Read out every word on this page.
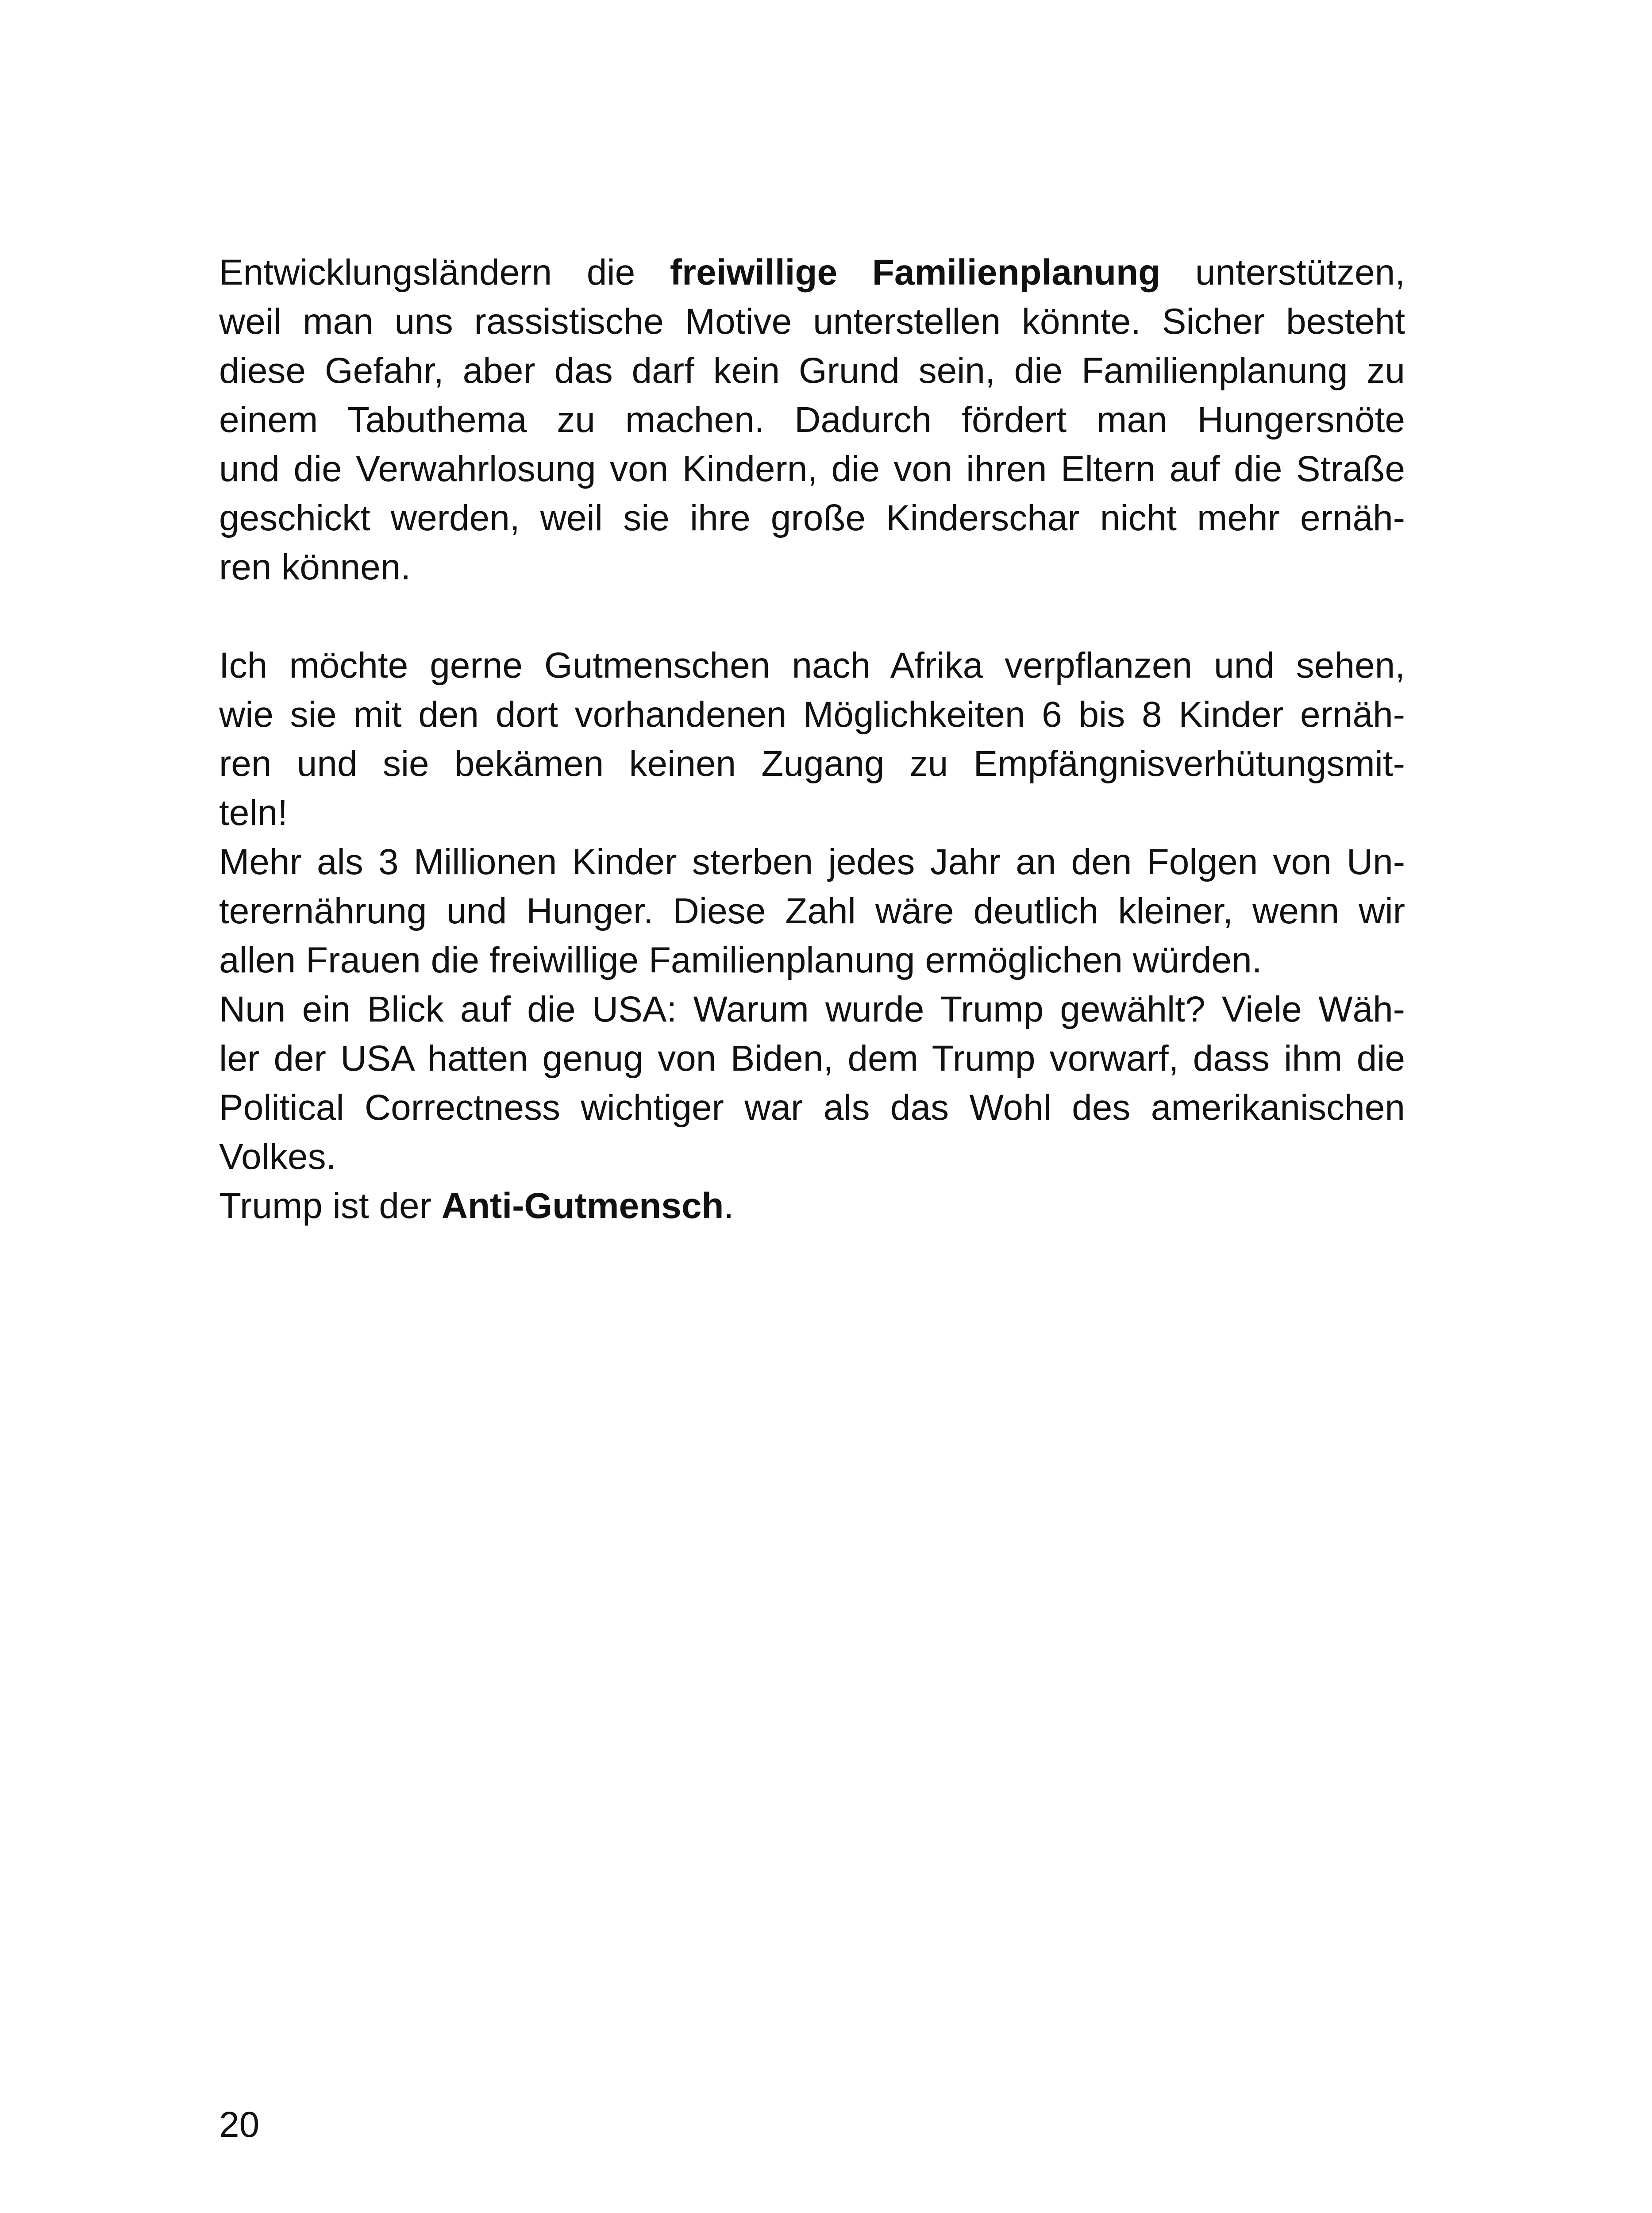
Entwicklungsländern die freiwillige Familienplanung unterstützen,
weil man uns rassistische Motive unterstellen könnte. Sicher besteht
diese Gefahr, aber das darf kein Grund sein, die Familienplanung zu
einem Tabuthema zu machen. Dadurch fördert man Hungersnöte
und die Verwahrlosung von Kindern, die von ihren Eltern auf die Straße
geschickt werden, weil sie ihre große Kinderschar nicht mehr ernäh-
ren können.
Ich möchte gerne Gutmenschen nach Afrika verpflanzen und sehen,
wie sie mit den dort vorhandenen Möglichkeiten 6 bis 8 Kinder ernäh-
ren und sie bekämen keinen Zugang zu Empfängnisverhütungsmit-
teln!
Mehr als 3 Millionen Kinder sterben jedes Jahr an den Folgen von Un-
terernährung und Hunger. Diese Zahl wäre deutlich kleiner, wenn wir
allen Frauen die freiwillige Familienplanung ermöglichen würden.
Nun ein Blick auf die USA: Warum wurde Trump gewählt? Viele Wäh-
ler der USA hatten genug von Biden, dem Trump vorwarf, dass ihm die
Political Correctness wichtiger war als das Wohl des amerikanischen
Volkes.
Trump ist der Anti-Gutmensch.
20
